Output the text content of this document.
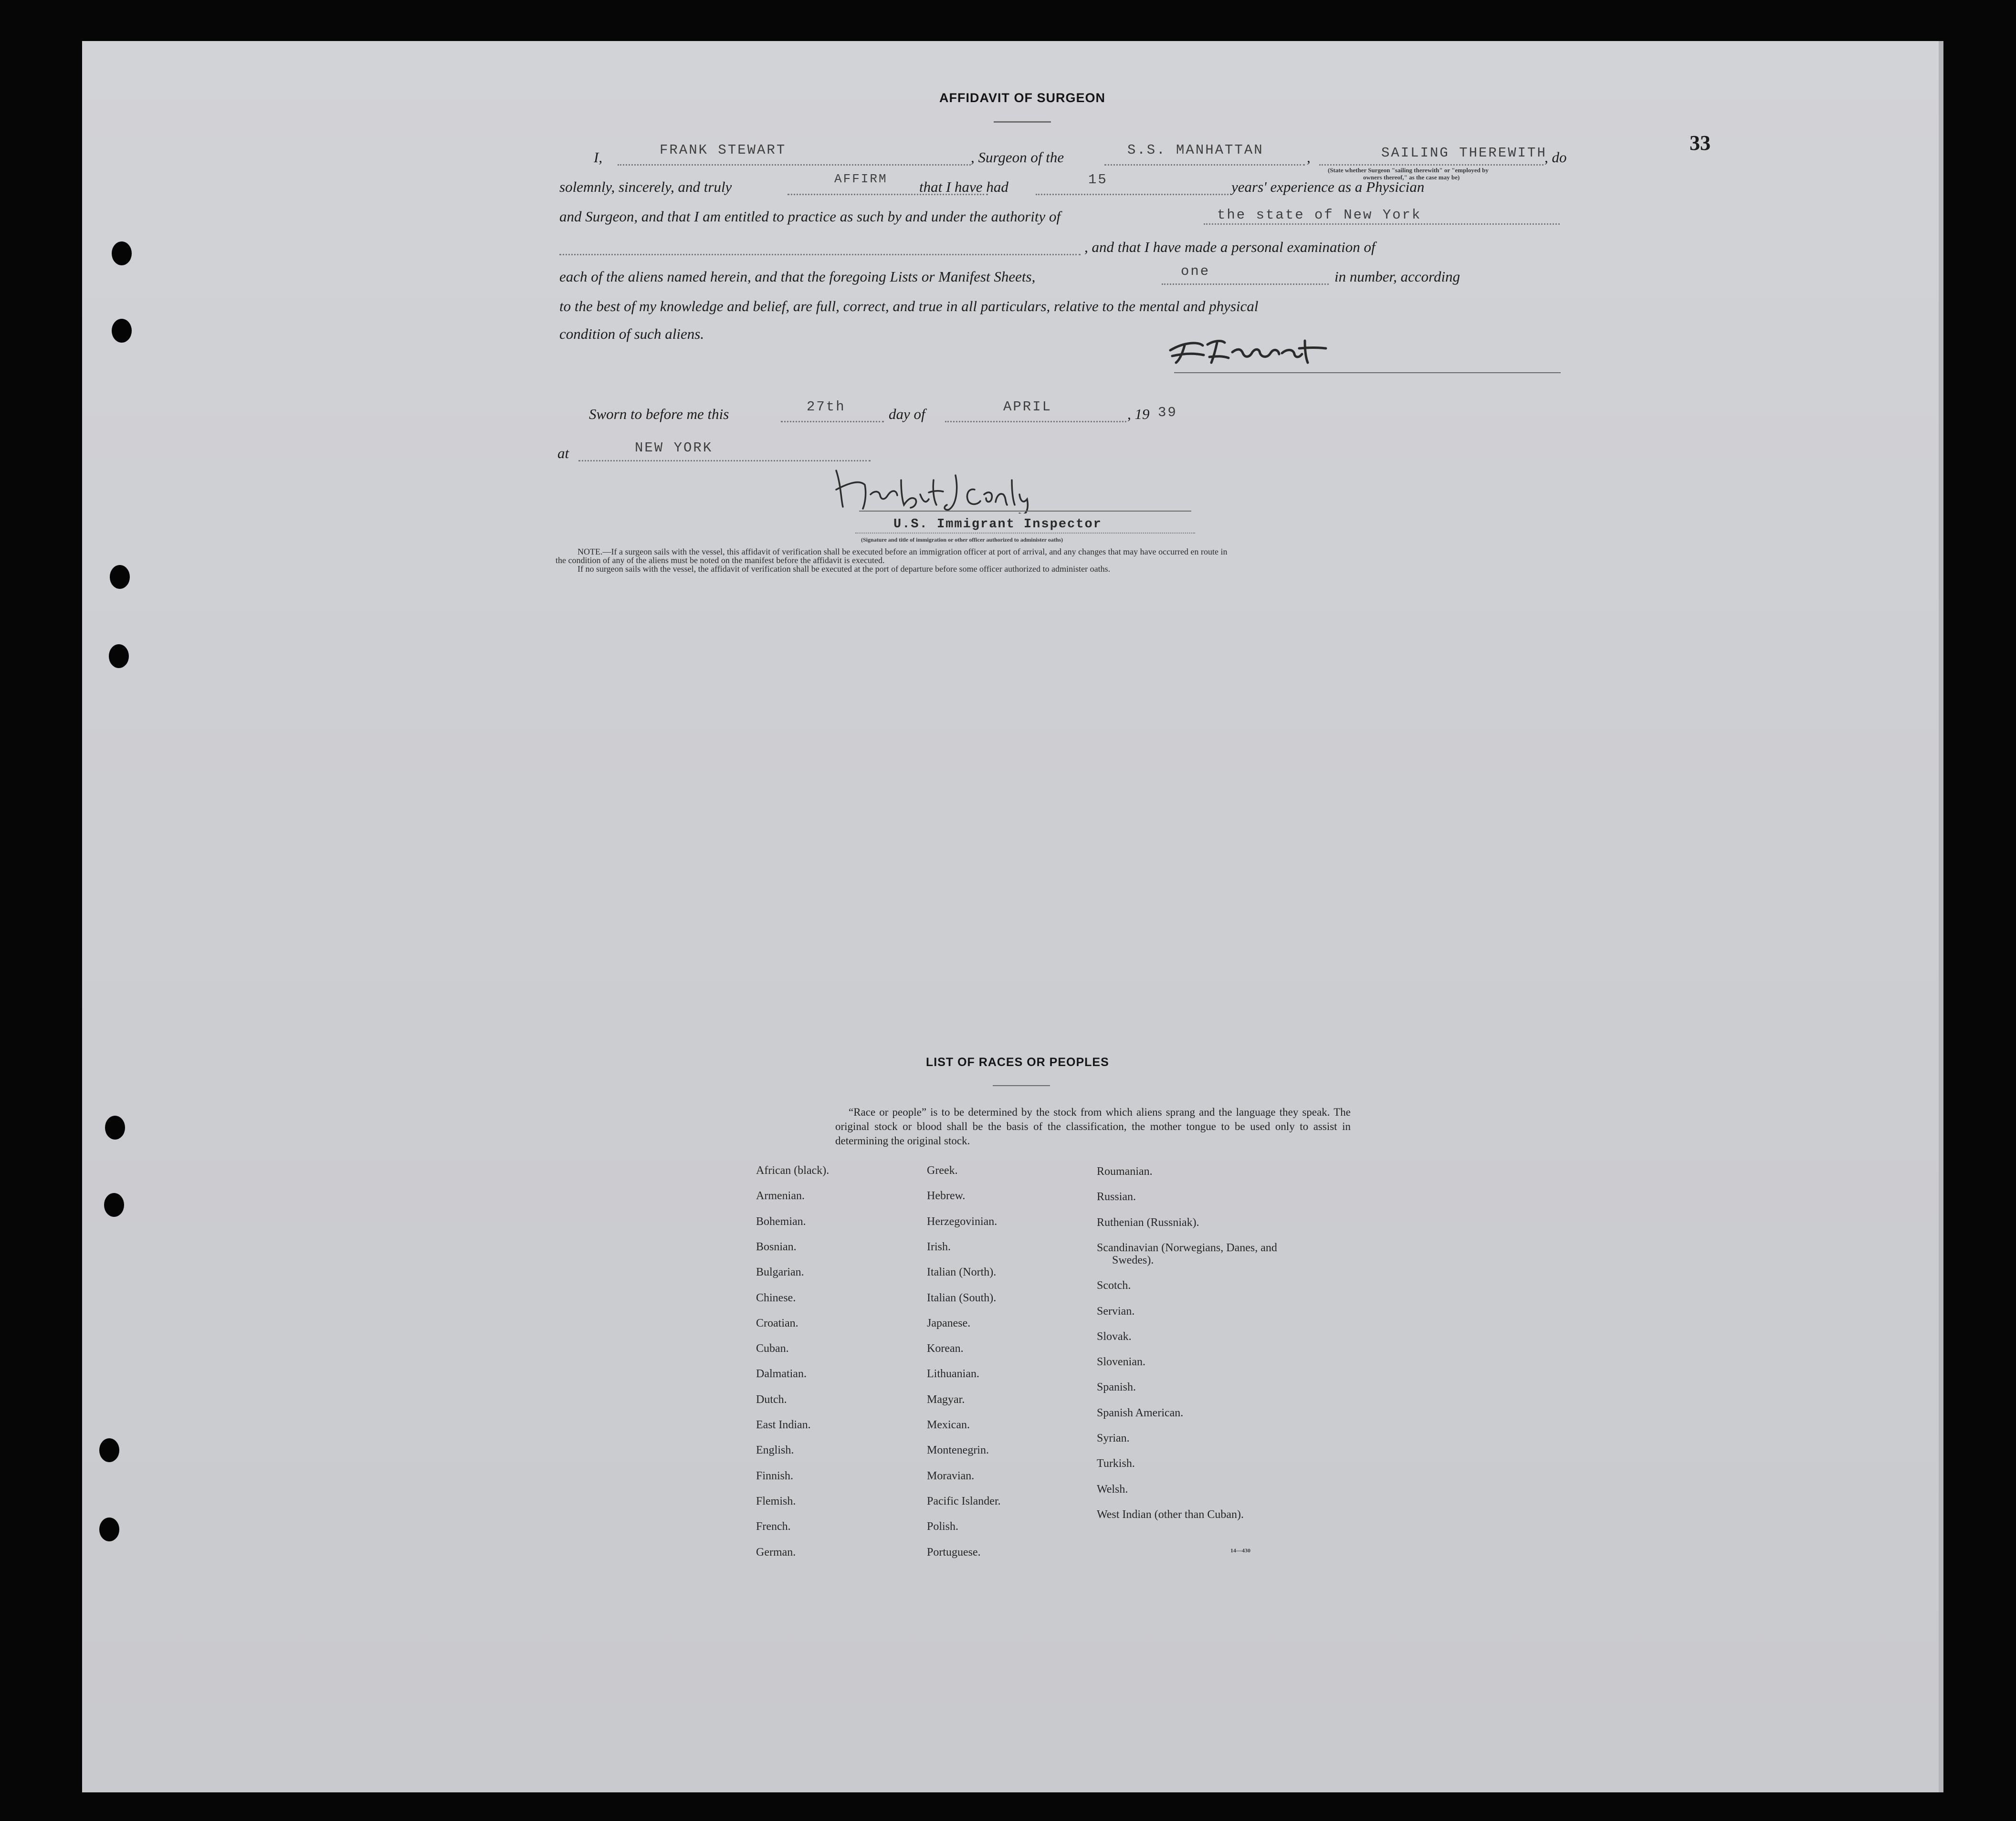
33
AFFIDAVIT OF SURGEON
I,	FRANK STEWART	, Surgeon of the	S.S. MANHATTAN	,	SAILING THEREWITH
, do
(State whether Surgeon "sailing therewith" or "employed by
owners thereof," as the case may be)
solemnly, sincerely, and truly	AFFIRM that I have had	15	years' experience as a Physician
and Surgeon, and that I am entitled to practice as such by and under the authority of	the state of New York
, and that I have made a personal examination of
each of the aliens named herein, and that the foregoing Lists or Manifest Sheets,	one	in number, according
to the best of my knowledge and belief, are full, correct, and true in all particulars, relative to the mental and physical
condition of such aliens.
Sworn to before me this	27th	day of	APRIL	, 19 39
at	NEW YORK
U.S. Immigrant Inspector
(Signature and title of immigration or other officer authorized to administer oaths)
NOTE.—If a surgeon sails with the vessel, this affidavit of verification shall be executed before an immigration officer at port of arrival, and any changes that may have occurred en route in
the condition of any of the aliens must be noted on the manifest before the affidavit is executed.
If no surgeon sails with the vessel, the affidavit of verification shall be executed at the port of departure before some officer authorized to administer oaths.
LIST OF RACES OR PEOPLES
“Race or people” is to be determined by the stock from which aliens sprang and the language they speak. The original stock or blood shall be the basis of the classification, the mother tongue to be used only to assist in determining the original stock.
14—430
African (black).
Armenian.
Bohemian.
Bosnian.
Bulgarian.
Chinese.
Croatian.
Cuban.
Dalmatian.
Dutch.
East Indian.
English.
Finnish.
Flemish.
French.
German.
Greek.
Hebrew.
Herzegovinian.
Irish.
Italian (North).
Italian (South).
Japanese.
Korean.
Lithuanian.
Magyar.
Mexican.
Montenegrin.
Moravian.
Pacific Islander.
Polish.
Portuguese.
Roumanian.
Russian.
Ruthenian (Russniak).
Scandinavian (Norwegians, Danes, and Swedes).
Scotch.
Servian.
Slovak.
Slovenian.
Spanish.
Spanish American.
Syrian.
Turkish.
Welsh.
West Indian (other than Cuban).
